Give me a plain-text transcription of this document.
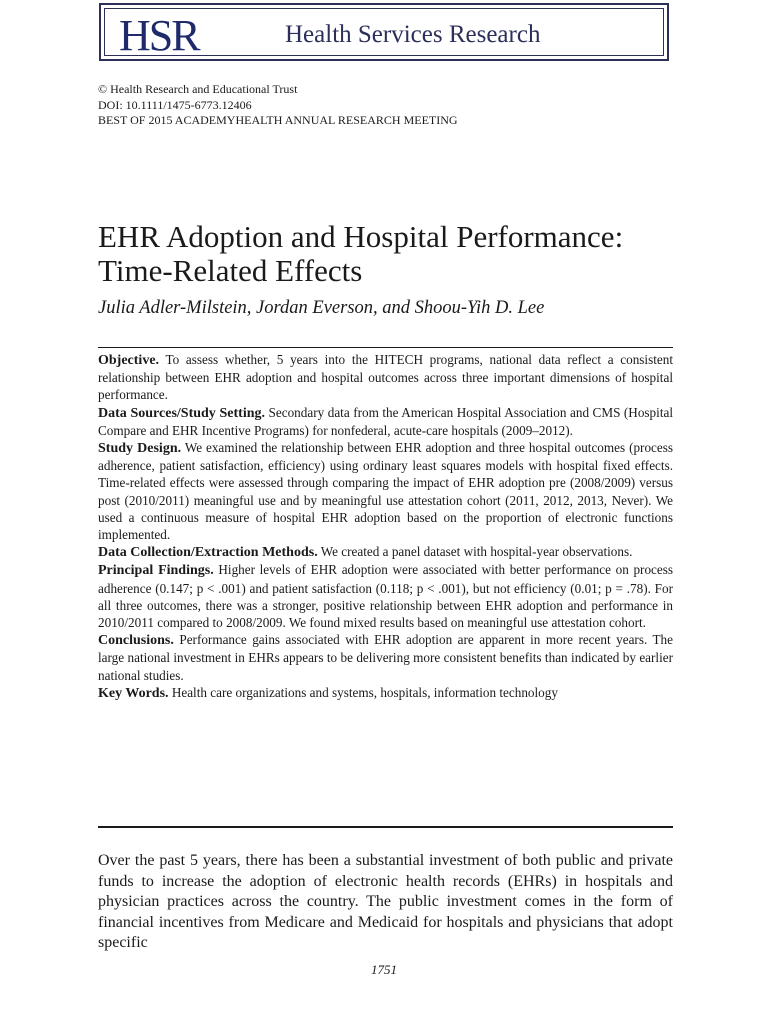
HSR	Health Services Research
© Health Research and Educational Trust
DOI: 10.1111/1475-6773.12406
BEST OF 2015 ACADEMYHEALTH ANNUAL RESEARCH MEETING
EHR Adoption and Hospital Performance: Time-Related Effects
Julia Adler-Milstein, Jordan Everson, and Shoou-Yih D. Lee

Objective. To assess whether, 5 years into the HITECH programs, national data reflect a consistent relationship between EHR adoption and hospital outcomes across three important dimensions of hospital performance.

Data Sources/Study Setting. Secondary data from the American Hospital Association and CMS (Hospital Compare and EHR Incentive Programs) for nonfederal, acute-care hospitals (2009–2012).

Study Design. We examined the relationship between EHR adoption and three hospital outcomes (process adherence, patient satisfaction, efficiency) using ordinary least squares models with hospital fixed effects. Time-related effects were assessed through comparing the impact of EHR adoption pre (2008/2009) versus post (2010/2011) meaningful use and by meaningful use attestation cohort (2011, 2012, 2013, Never). We used a continuous measure of hospital EHR adoption based on the proportion of electronic functions implemented.

Data Collection/Extraction Methods. We created a panel dataset with hospital-year observations.

Principal Findings. Higher levels of EHR adoption were associated with better performance on process adherence (0.147; p < .001) and patient satisfaction (0.118; p < .001), but not efficiency (0.01; p = .78). For all three outcomes, there was a stronger, positive relationship between EHR adoption and performance in 2010/2011 compared to 2008/2009. We found mixed results based on meaningful use attestation cohort.

Conclusions. Performance gains associated with EHR adoption are apparent in more recent years. The large national investment in EHRs appears to be delivering more consistent benefits than indicated by earlier national studies.

Key Words. Health care organizations and systems, hospitals, information technology

Over the past 5 years, there has been a substantial investment of both public and private funds to increase the adoption of electronic health records (EHRs) in hospitals and physician practices across the country. The public investment comes in the form of financial incentives from Medicare and Medicaid for hospitals and physicians that adopt specific

1751
